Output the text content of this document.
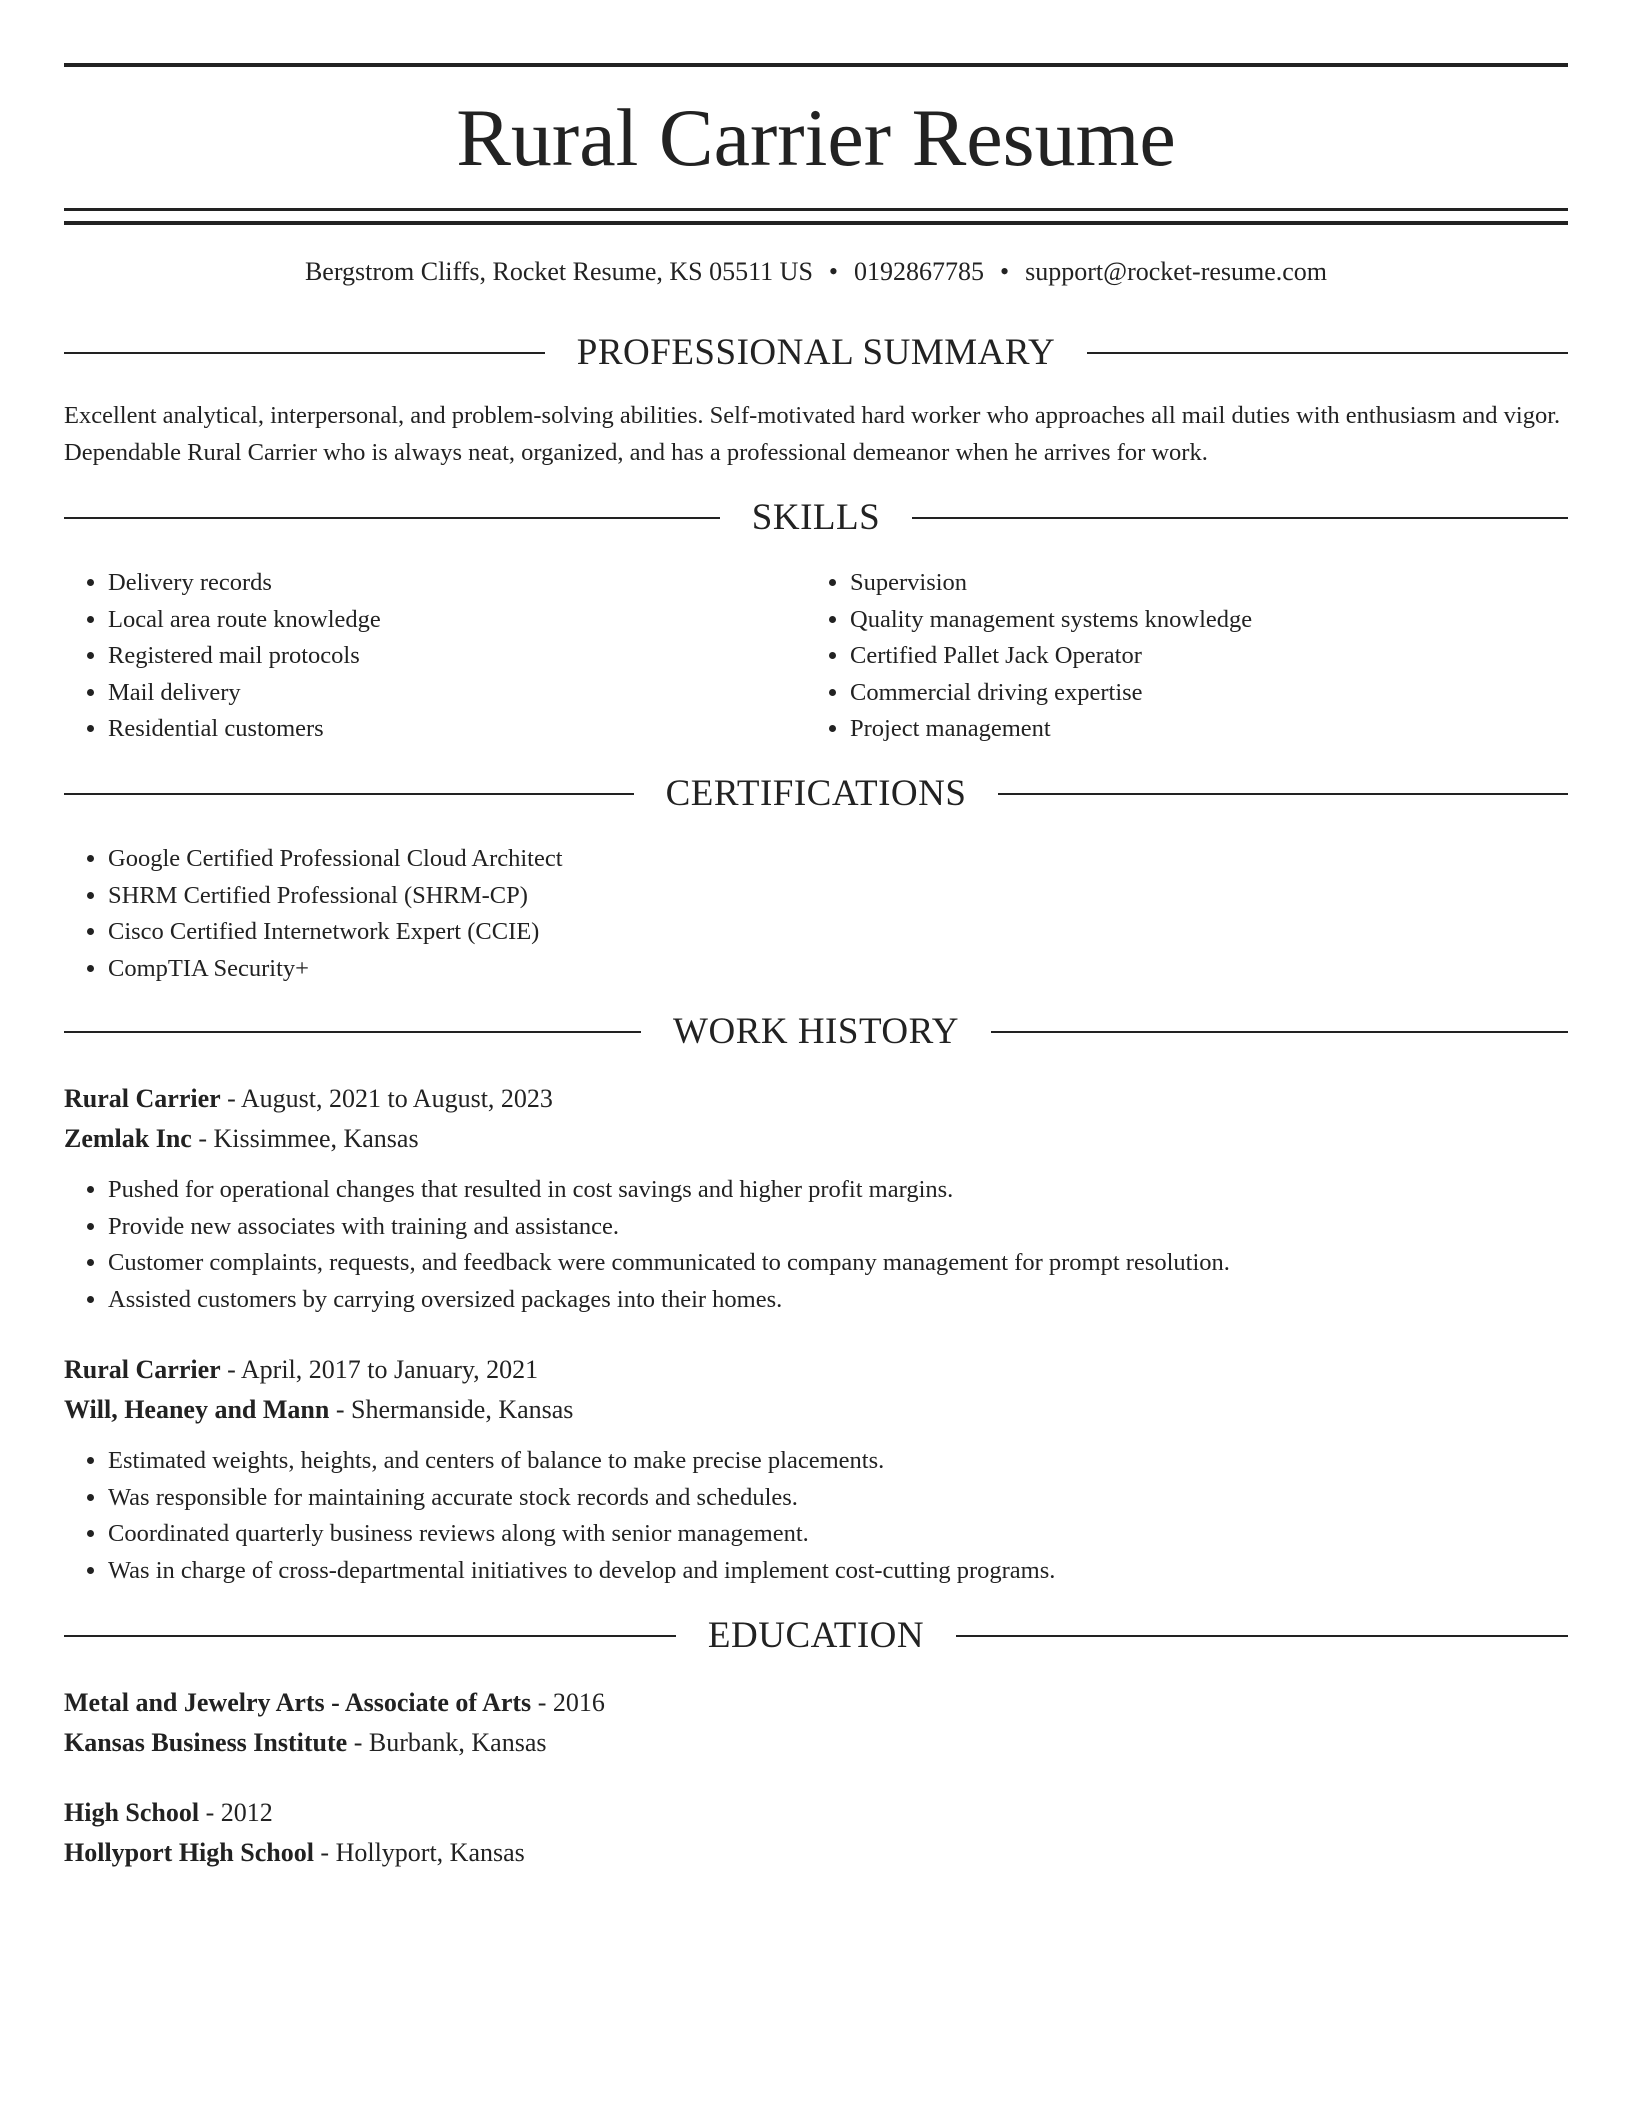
Rural Carrier Resume
Bergstrom Cliffs, Rocket Resume, KS 05511 US • 0192867785 • support@rocket-resume.com
PROFESSIONAL SUMMARY

Excellent analytical, interpersonal, and problem-solving abilities. Self-motivated hard worker who approaches all mail duties with enthusiasm and vigor. Dependable Rural Carrier who is always neat, organized, and has a professional demeanor when he arrives for work.

SKILLS
• Delivery records
• Local area route knowledge
• Registered mail protocols
• Mail delivery
• Residential customers
• Supervision
• Quality management systems knowledge
• Certified Pallet Jack Operator
• Commercial driving expertise
• Project management
CERTIFICATIONS
• Google Certified Professional Cloud Architect
• SHRM Certified Professional (SHRM-CP)
• Cisco Certified Internetwork Expert (CCIE)
• CompTIA Security+
WORK HISTORY
Rural Carrier - August, 2021 to August, 2023
Zemlak Inc - Kissimmee, Kansas
• Pushed for operational changes that resulted in cost savings and higher profit margins.
• Provide new associates with training and assistance.
• Customer complaints, requests, and feedback were communicated to company management for prompt resolution.
• Assisted customers by carrying oversized packages into their homes.
Rural Carrier - April, 2017 to January, 2021
Will, Heaney and Mann - Shermanside, Kansas
• Estimated weights, heights, and centers of balance to make precise placements.
• Was responsible for maintaining accurate stock records and schedules.
• Coordinated quarterly business reviews along with senior management.
• Was in charge of cross-departmental initiatives to develop and implement cost-cutting programs.
EDUCATION
Metal and Jewelry Arts - Associate of Arts - 2016
Kansas Business Institute - Burbank, Kansas
High School - 2012
Hollyport High School - Hollyport, Kansas
